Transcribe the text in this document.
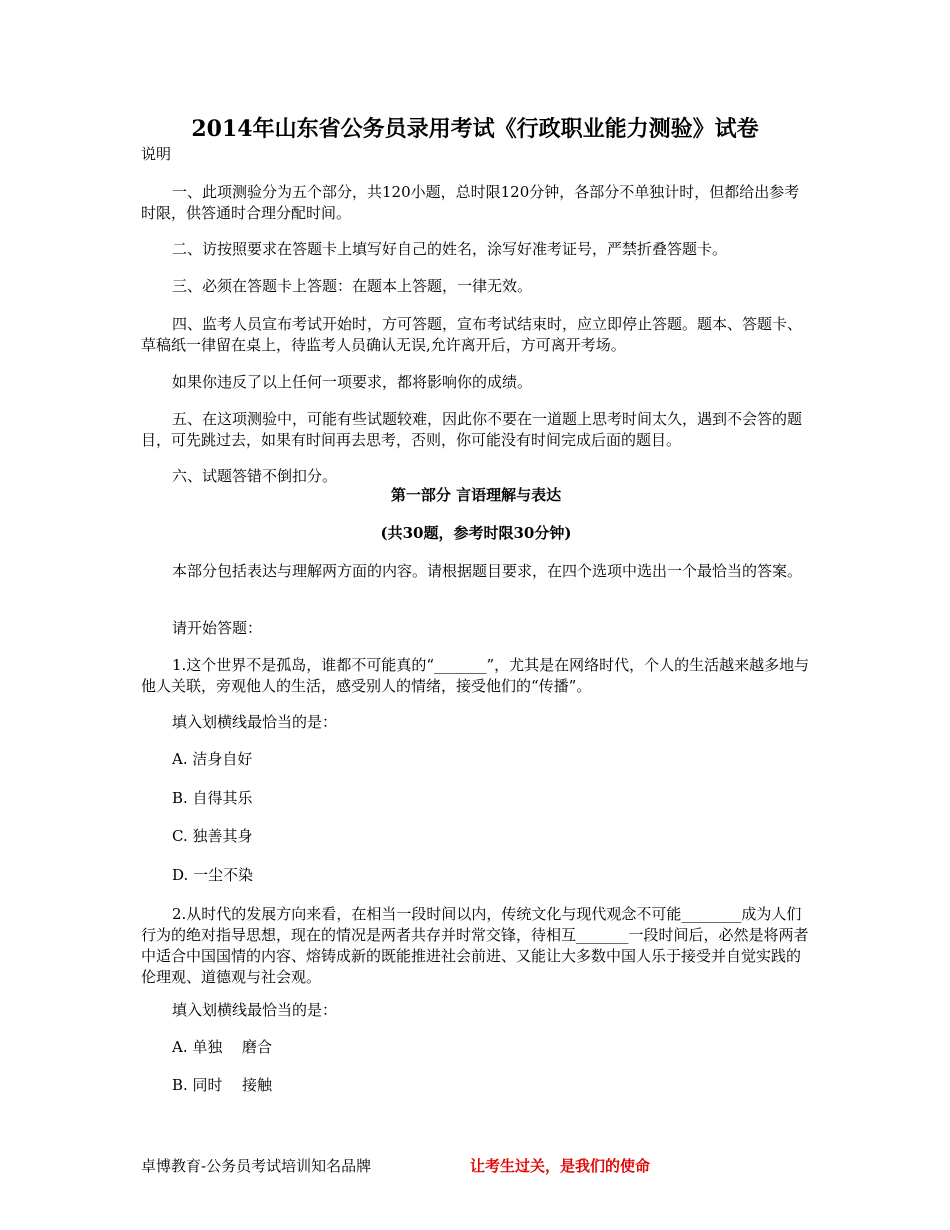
2014年山东省公务员录用考试《行政职业能力测验》试卷

说明

一、此项测验分为五个部分，共120小题，总时限120分钟，各部分不单独计时，但都给出参考时限，供答通时合理分配时间。

二、访按照要求在答题卡上填写好自己的姓名，涂写好准考证号，严禁折叠答题卡。

三、必须在答题卡上答题：在题本上答题，一律无效。

四、监考人员宣布考试开始时，方可答题，宣布考试结束时，应立即停止答题。题本、答题卡、草稿纸一律留在桌上，待监考人员确认无误,允许离开后，方可离开考场。

如果你违反了以上任何一项要求，都将影响你的成绩。

五、在这项测验中，可能有些试题较难，因此你不要在一道题上思考时间太久，遇到不会答的题目，可先跳过去，如果有时间再去思考，否则，你可能没有时间完成后面的题目。

六、试题答错不倒扣分。

第一部分 言语理解与表达

(共30题，参考时限30分钟)

本部分包括表达与理解两方面的内容。请根据题目要求，在四个选项中选出一个最恰当的答案。

请开始答题：

1.这个世界不是孤岛，谁都不可能真的“_______”，尤其是在网络时代，个人的生活越来越多地与他人关联，旁观他人的生活，感受别人的情绪，接受他们的“传播”。

填入划横线最恰当的是：

A. 洁身自好
B. 自得其乐
C. 独善其身
D. 一尘不染

2.从时代的发展方向来看，在相当一段时间以内，传统文化与现代观念不可能________成为人们行为的绝对指导思想，现在的情况是两者共存并时常交锋，待相互_______一段时间后，必然是将两者中适合中国国情的内容、熔铸成新的既能推进社会前进、又能让大多数中国人乐于接受并自觉实践的伦理观、道德观与社会观。

填入划横线最恰当的是：

A. 单独 磨合
B. 同时 接触
卓博教育-公务员考试培训知名品牌	让考生过关，是我们的使命
